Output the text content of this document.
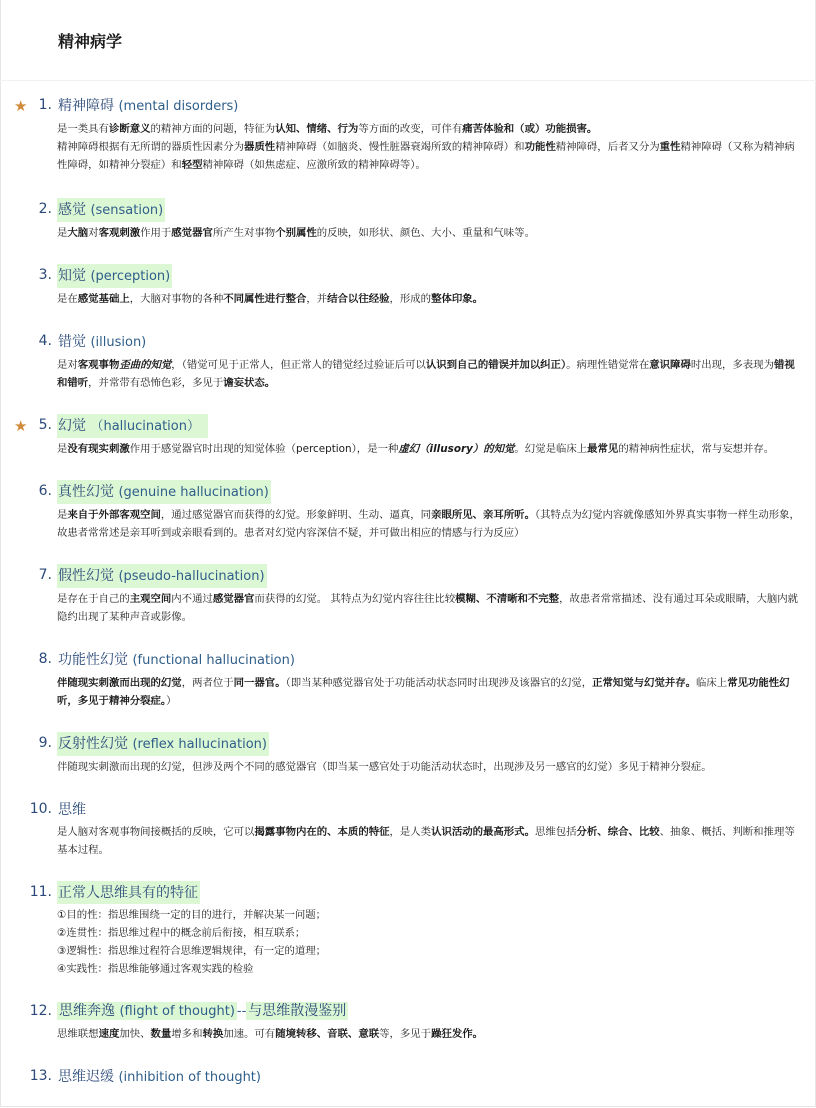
精神病学
★ 1. 精神障碍 (mental disorders)
是一类具有诊断意义的精神方面的问题，特征为认知、情绪、行为等方面的改变，可伴有痛苦体验和（或）功能损害。
精神障碍根据有无所谓的器质性因素分为器质性精神障碍（如脑炎、慢性脏器衰竭所致的精神障碍）和功能性精神障碍，后者又分为重性精神障碍（又称为精神病性障碍，如精神分裂症）和轻型精神障碍（如焦虑症、应激所致的精神障碍等）。
2. 感觉 (sensation)
是大脑对客观刺激作用于感觉器官所产生对事物个别属性的反映，如形状、颜色、大小、重量和气味等。
3. 知觉 (perception)
是在感觉基础上，大脑对事物的各种不同属性进行整合，并结合以往经验，形成的整体印象。
4. 错觉 (illusion)
是对客观事物歪曲的知觉，（错觉可见于正常人，但正常人的错觉经过验证后可以认识到自己的错误并加以纠正）。病理性错觉常在意识障碍时出现，多表现为错视和错听，并常带有恐怖色彩，多见于谵妄状态。
★ 5. 幻觉 （hallucination）
是没有现实刺激作用于感觉器官时出现的知觉体验（perception），是一种虚幻（illusory）的知觉。幻觉是临床上最常见的精神病性症状，常与妄想并存。
6. 真性幻觉 (genuine hallucination)
是来自于外部客观空间，通过感觉器官而获得的幻觉。形象鲜明、生动、逼真，同亲眼所见、亲耳所听。（其特点为幻觉内容就像感知外界真实事物一样生动形象，故患者常常述是亲耳听到或亲眼看到的。患者对幻觉内容深信不疑，并可做出相应的情感与行为反应）
7. 假性幻觉 (pseudo-hallucination)
是存在于自己的主观空间内不通过感觉器官而获得的幻觉。 其特点为幻觉内容往往比较模糊、不清晰和不完整，故患者常常描述、没有通过耳朵或眼睛，大脑内就隐约出现了某种声音或影像。
8. 功能性幻觉 (functional hallucination)
伴随现实刺激而出现的幻觉，两者位于同一器官。（即当某种感觉器官处于功能活动状态同时出现涉及该器官的幻觉，正常知觉与幻觉并存。临床上常见功能性幻听，多见于精神分裂症。）
9. 反射性幻觉 (reflex hallucination)
伴随现实刺激而出现的幻觉，但涉及两个不同的感觉器官（即当某一感官处于功能活动状态时，出现涉及另一感官的幻觉）多见于精神分裂症。
10. 思维
是人脑对客观事物间接概括的反映，它可以揭露事物内在的、本质的特征，是人类认识活动的最高形式。思维包括分析、综合、比较、抽象、概括、判断和推理等基本过程。
11. 正常人思维具有的特征
①目的性：指思维围绕一定的目的进行，并解决某一问题；
②连贯性：指思维过程中的概念前后衔接，相互联系；
③逻辑性：指思维过程符合思维逻辑规律，有一定的道理；
④实践性：指思维能够通过客观实践的检验
12. 思维奔逸 (flight of thought) -- 与思维散漫鉴别
思维联想速度加快、数量增多和转换加速。可有随境转移、音联、意联等，多见于躁狂发作。
13. 思维迟缓 (inhibition of thought)
